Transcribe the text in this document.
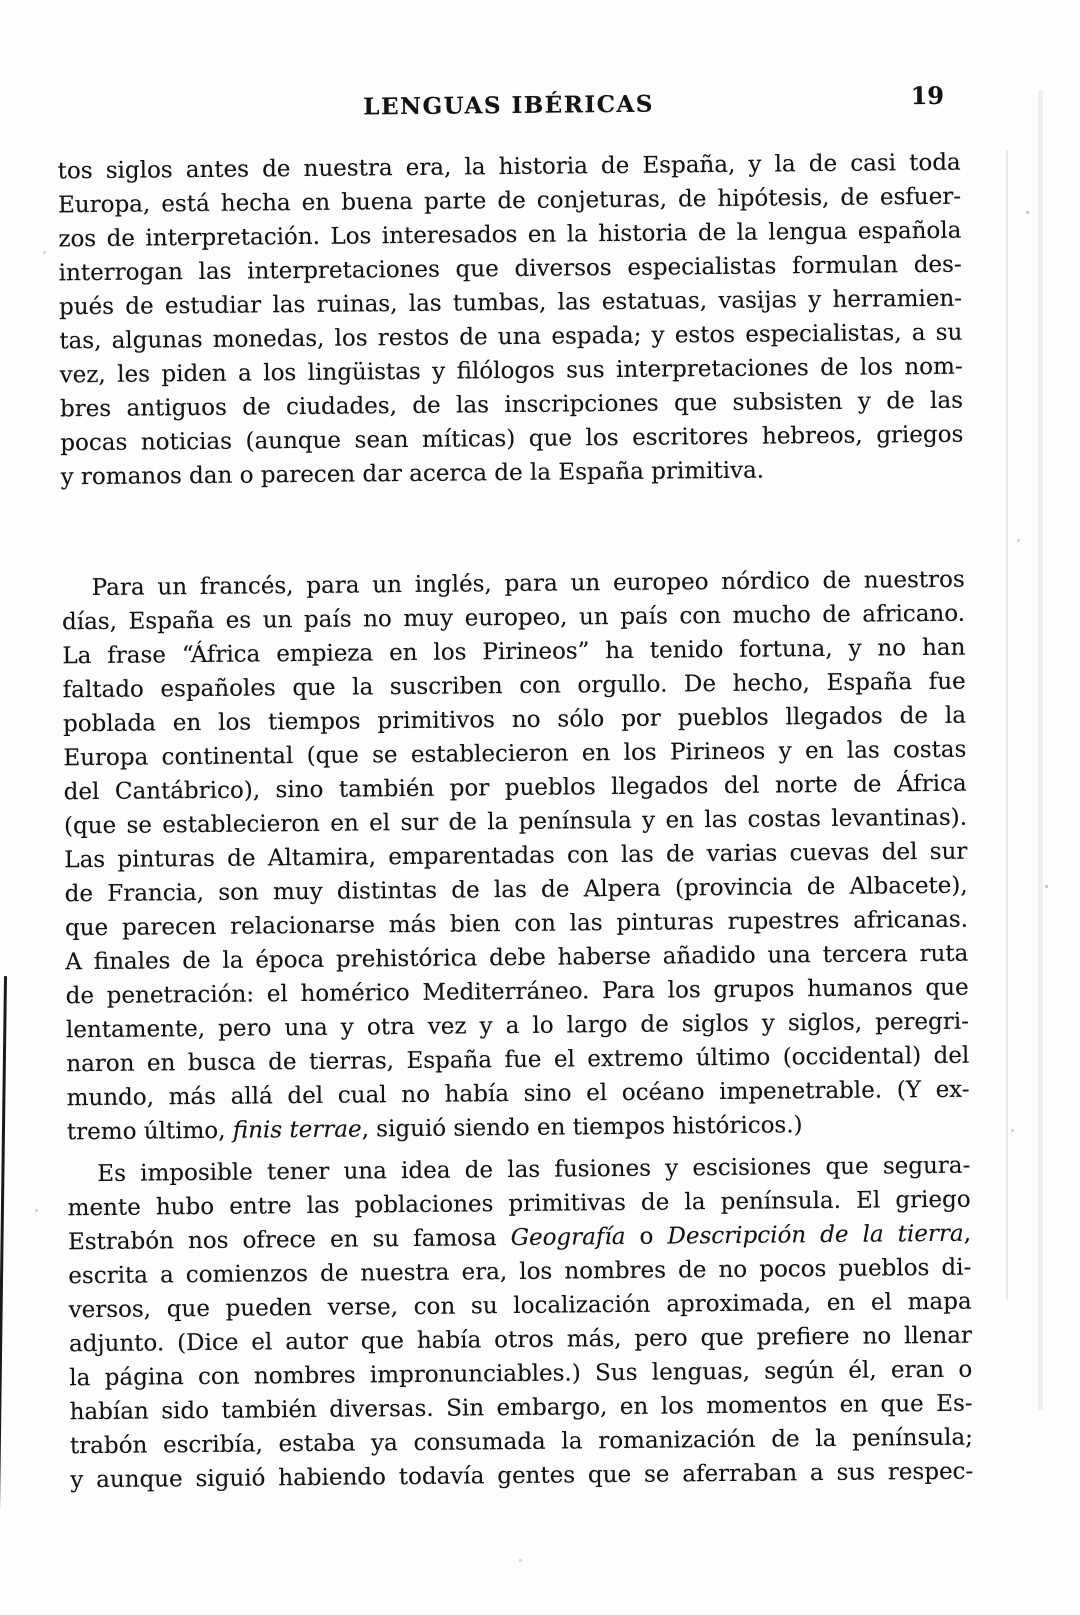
LENGUAS IBÉRICAS	19

tos siglos antes de nuestra era, la historia de España, y la de casi toda
Europa, está hecha en buena parte de conjeturas, de hipótesis, de esfuer-
zos de interpretación. Los interesados en la historia de la lengua española
interrogan las interpretaciones que diversos especialistas formulan des-
pués de estudiar las ruinas, las tumbas, las estatuas, vasijas y herramien-
tas, algunas monedas, los restos de una espada; y estos especialistas, a su
vez, les piden a los lingüistas y filólogos sus interpretaciones de los nom-
bres antiguos de ciudades, de las inscripciones que subsisten y de las
pocas noticias (aunque sean míticas) que los escritores hebreos, griegos
y romanos dan o parecen dar acerca de la España primitiva.

Para un francés, para un inglés, para un europeo nórdico de nuestros
días, España es un país no muy europeo, un país con mucho de africano.
La frase “África empieza en los Pirineos” ha tenido fortuna, y no han
faltado españoles que la suscriben con orgullo. De hecho, España fue
poblada en los tiempos primitivos no sólo por pueblos llegados de la
Europa continental (que se establecieron en los Pirineos y en las costas
del Cantábrico), sino también por pueblos llegados del norte de África
(que se establecieron en el sur de la península y en las costas levantinas).
Las pinturas de Altamira, emparentadas con las de varias cuevas del sur
de Francia, son muy distintas de las de Alpera (provincia de Albacete),
que parecen relacionarse más bien con las pinturas rupestres africanas.
A finales de la época prehistórica debe haberse añadido una tercera ruta
de penetración: el homérico Mediterráneo. Para los grupos humanos que
lentamente, pero una y otra vez y a lo largo de siglos y siglos, peregri-
naron en busca de tierras, España fue el extremo último (occidental) del
mundo, más allá del cual no había sino el océano impenetrable. (Y ex-
tremo último, finis terrae, siguió siendo en tiempos históricos.)

Es imposible tener una idea de las fusiones y escisiones que segura-
mente hubo entre las poblaciones primitivas de la península. El griego
Estrabón nos ofrece en su famosa Geografía o Descripción de la tierra,
escrita a comienzos de nuestra era, los nombres de no pocos pueblos di-
versos, que pueden verse, con su localización aproximada, en el mapa
adjunto. (Dice el autor que había otros más, pero que prefiere no llenar
la página con nombres impronunciables.) Sus lenguas, según él, eran o
habían sido también diversas. Sin embargo, en los momentos en que Es-
trabón escribía, estaba ya consumada la romanización de la península;
y aunque siguió habiendo todavía gentes que se aferraban a sus respec-
